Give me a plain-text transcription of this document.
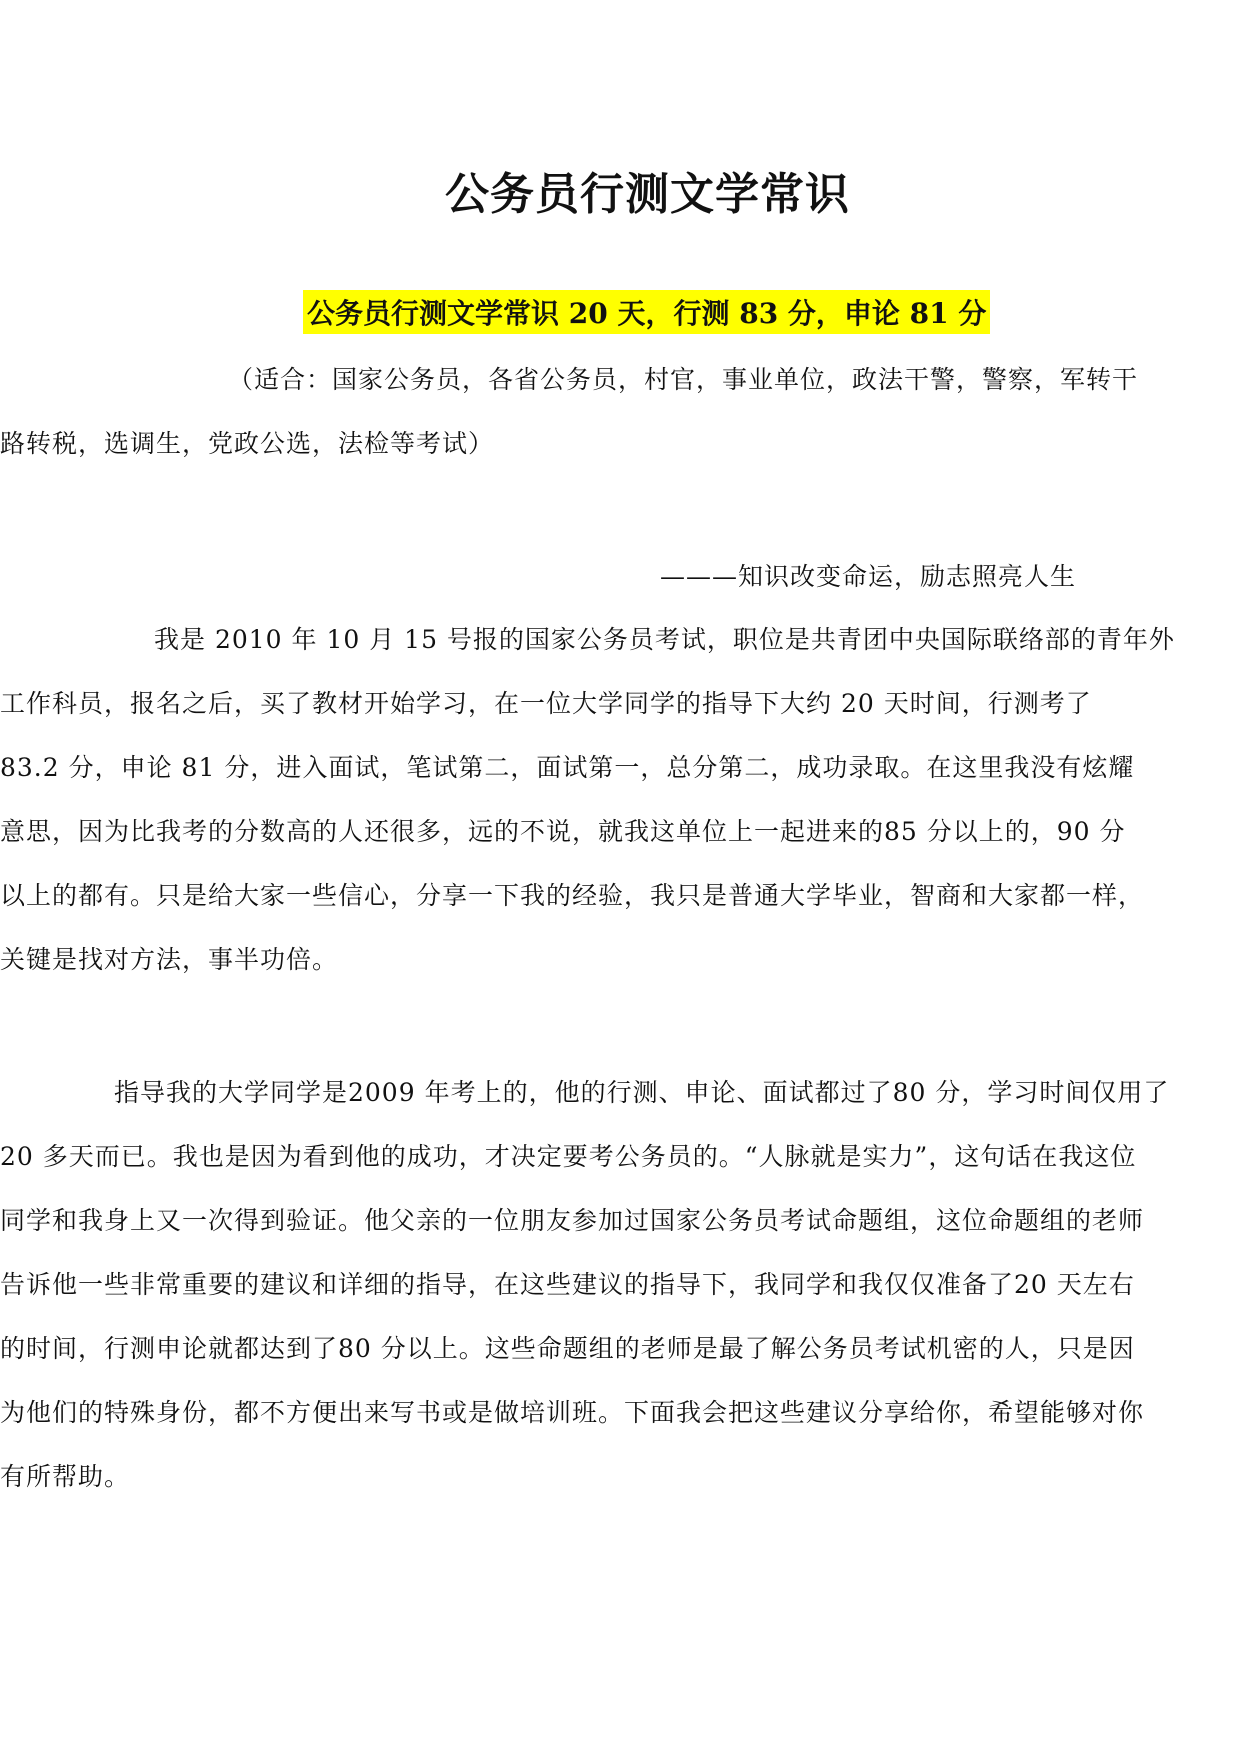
公务员行测文学常识
公务员行测文学常识 20 天，行测 83 分，申论 81 分
（适合：国家公务员，各省公务员，村官，事业单位，政法干警，警察，军转干
路转税，选调生，党政公选，法检等考试）
———知识改变命运，励志照亮人生
我是 2010 年 10 月 15 号报的国家公务员考试，职位是共青团中央国际联络部的青年外
工作科员，报名之后，买了教材开始学习，在一位大学同学的指导下大约 20 天时间，行测考了
83.2 分，申论 81 分，进入面试，笔试第二，面试第一，总分第二，成功录取。在这里我没有炫耀
意思，因为比我考的分数高的人还很多，远的不说，就我这单位上一起进来的85 分以上的，90 分
以上的都有。只是给大家一些信心，分享一下我的经验，我只是普通大学毕业，智商和大家都一样，
关键是找对方法，事半功倍。
指导我的大学同学是2009 年考上的，他的行测、申论、面试都过了80 分，学习时间仅用了
20 多天而已。我也是因为看到他的成功，才决定要考公务员的。“人脉就是实力”，这句话在我这位
同学和我身上又一次得到验证。他父亲的一位朋友参加过国家公务员考试命题组，这位命题组的老师
告诉他一些非常重要的建议和详细的指导，在这些建议的指导下，我同学和我仅仅准备了20 天左右
的时间，行测申论就都达到了80 分以上。这些命题组的老师是最了解公务员考试机密的人，只是因
为他们的特殊身份，都不方便出来写书或是做培训班。下面我会把这些建议分享给你，希望能够对你
有所帮助。
